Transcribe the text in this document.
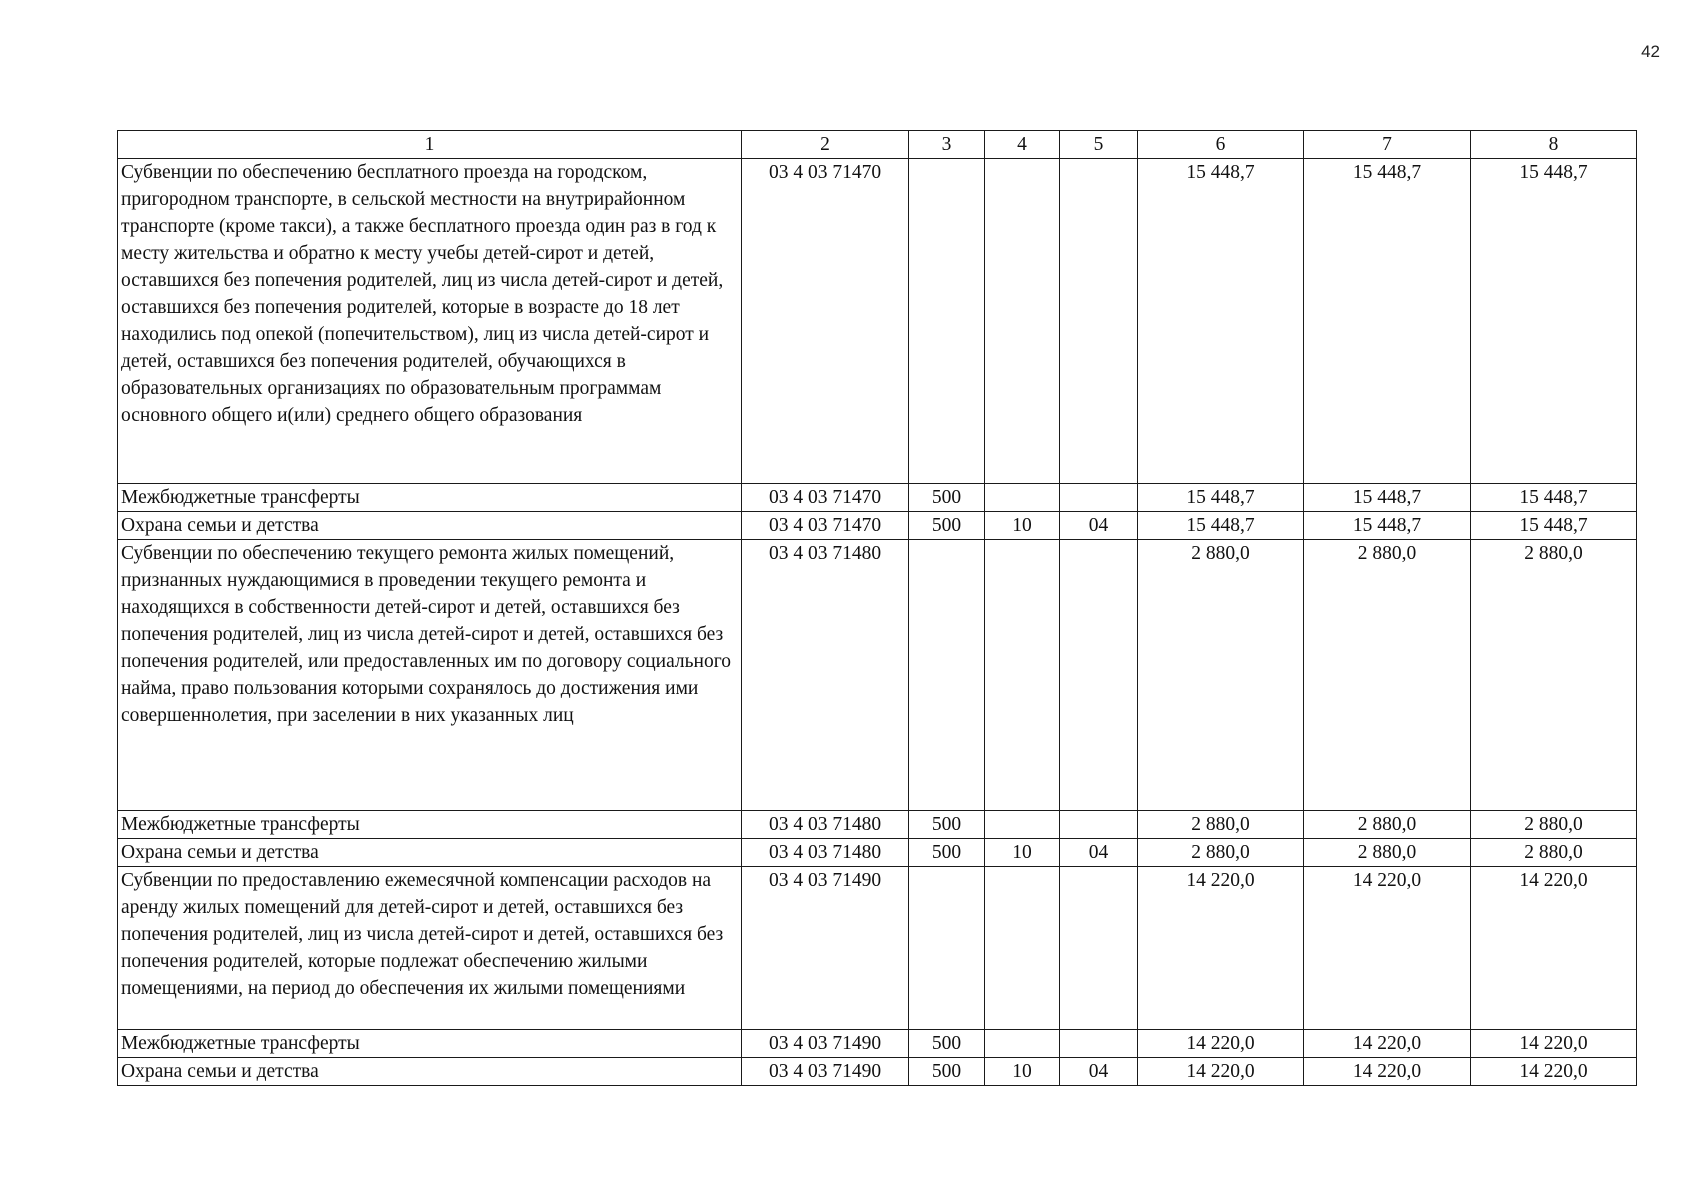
42
1	2	3	4	5	6	7	8
Субвенции по обеспечению бесплатного проезда на городском, пригородном транспорте, в сельской местности на внутрирайонном транспорте (кроме такси), а также бесплатного проезда один раз в год к месту жительства и обратно к месту учебы детей-сирот и детей, оставшихся без попечения родителей, лиц из числа детей-сирот и детей, оставшихся без попечения родителей, которые в возрасте до 18 лет находились под опекой (попечительством), лиц из числа детей-сирот и детей, оставшихся без попечения родителей, обучающихся в образовательных организациях по образовательным программам основного общего и(или) среднего общего образования	03 4 03 71470				15 448,7	15 448,7	15 448,7
Межбюджетные трансферты	03 4 03 71470	500			15 448,7	15 448,7	15 448,7
Охрана семьи и детства	03 4 03 71470	500	10	04	15 448,7	15 448,7	15 448,7
Субвенции по обеспечению текущего ремонта жилых помещений, признанных нуждающимися в проведении текущего ремонта и находящихся в собственности детей-сирот и детей, оставшихся без попечения родителей, лиц из числа детей-сирот и детей, оставшихся без попечения родителей, или предоставленных им по договору социального найма, право пользования которыми сохранялось до достижения ими совершеннолетия, при заселении в них указанных лиц	03 4 03 71480				2 880,0	2 880,0	2 880,0
Межбюджетные трансферты	03 4 03 71480	500			2 880,0	2 880,0	2 880,0
Охрана семьи и детства	03 4 03 71480	500	10	04	2 880,0	2 880,0	2 880,0
Субвенции по предоставлению ежемесячной компенсации расходов на аренду жилых помещений для детей-сирот и детей, оставшихся без попечения родителей, лиц из числа детей-сирот и детей, оставшихся без попечения родителей, которые подлежат обеспечению жилыми помещениями, на период до обеспечения их жилыми помещениями	03 4 03 71490				14 220,0	14 220,0	14 220,0
Межбюджетные трансферты	03 4 03 71490	500			14 220,0	14 220,0	14 220,0
Охрана семьи и детства	03 4 03 71490	500	10	04	14 220,0	14 220,0	14 220,0
